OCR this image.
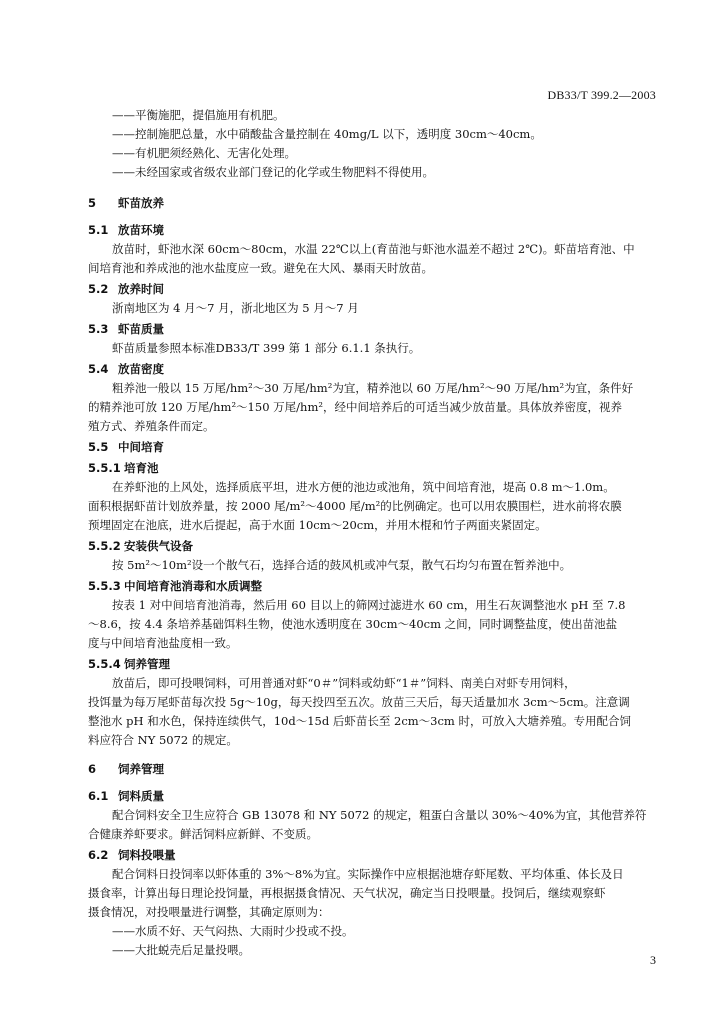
DB33/T 399.2—2003
——平衡施肥，提倡施用有机肥。
——控制施肥总量，水中硝酸盐含量控制在 40mg/L 以下，透明度 30cm～40cm。
——有机肥须经熟化、无害化处理。
——未经国家或省级农业部门登记的化学或生物肥料不得使用。
5	虾苗放养
5.1 放苗环境
放苗时，虾池水深 60cm～80cm，水温 22℃以上(育苗池与虾池水温差不超过 2℃)。虾苗培育池、中
间培育池和养成池的池水盐度应一致。避免在大风、暴雨天时放苗。
5.2 放养时间
浙南地区为 4 月～7 月，浙北地区为 5 月～7 月
5.3 虾苗质量
虾苗质量参照本标准DB33/T 399 第 1 部分 6.1.1 条执行。
5.4 放苗密度
粗养池一般以 15 万尾/hm²～30 万尾/hm²为宜，精养池以 60 万尾/hm²～90 万尾/hm²为宜，条件好
的精养池可放 120 万尾/hm²～150 万尾/hm²，经中间培养后的可适当减少放苗量。具体放养密度，视养
殖方式、养殖条件而定。
5.5 中间培育
5.5.1 培育池
在养虾池的上风处，选择质底平坦，进水方便的池边或池角，筑中间培育池，堤高 0.8 m～1.0m。
面积根据虾苗计划放养量，按 2000 尾/m²～4000 尾/m²的比例确定。也可以用农膜围栏，进水前将农膜
预埋固定在池底，进水后提起，高于水面 10cm～20cm，并用木棍和竹子两面夹紧固定。
5.5.2 安装供气设备
按 5m²～10m²设一个散气石，选择合适的鼓风机或冲气泵，散气石均匀布置在暂养池中。
5.5.3 中间培育池消毒和水质调整
按表 1 对中间培育池消毒，然后用 60 目以上的筛网过滤进水 60 cm，用生石灰调整池水 pH 至 7.8
～8.6，按 4.4 条培养基础饵料生物，使池水透明度在 30cm～40cm 之间，同时调整盐度，使出苗池盐
度与中间培育池盐度相一致。
5.5.4 饲养管理
放苗后，即可投喂饲料，可用普通对虾“0＃”饲料或幼虾“1＃”饲料、南美白对虾专用饲料，
投饵量为每万尾虾苗每次投 5g～10g，每天投四至五次。放苗三天后，每天适量加水 3cm～5cm。注意调
整池水 pH 和水色，保持连续供气，10d～15d 后虾苗长至 2cm～3cm 时，可放入大塘养殖。专用配合饲
料应符合 NY 5072 的规定。
6	饲养管理
6.1 饲料质量
配合饲料安全卫生应符合 GB 13078 和 NY 5072 的规定，粗蛋白含量以 30%～40%为宜，其他营养符
合健康养虾要求。鲜活饲料应新鲜、不变质。
6.2 饲料投喂量
配合饲料日投饲率以虾体重的 3%～8%为宜。实际操作中应根据池塘存虾尾数、平均体重、体长及日
摄食率，计算出每日理论投饲量，再根据摄食情况、天气状况，确定当日投喂量。投饲后，继续观察虾
摄食情况，对投喂量进行调整，其确定原则为：
——水质不好、天气闷热、大雨时少投或不投。
——大批蜕壳后足量投喂。
3
